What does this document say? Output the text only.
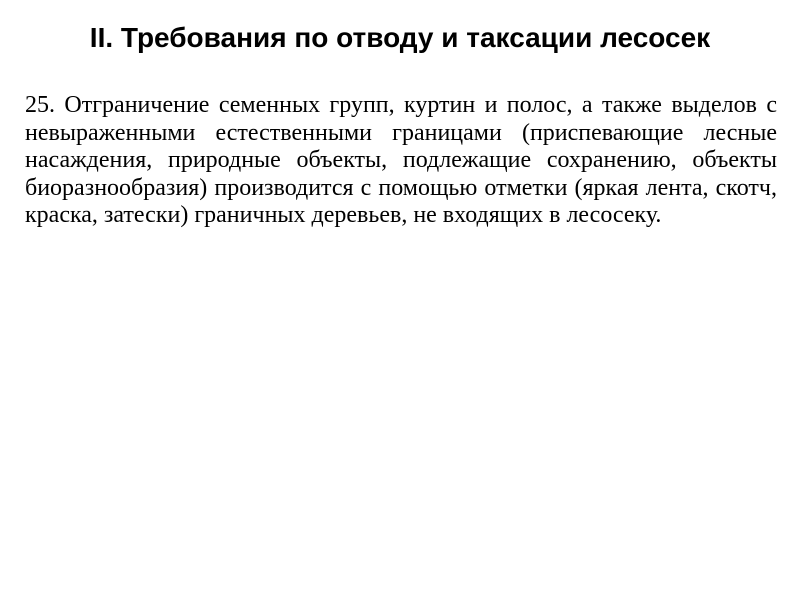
II. Требования по отводу и таксации лесосек

25. Отграничение семенных групп, куртин и полос, а также выделов с невыраженными естественными границами (приспевающие лесные насаждения, природные объекты, подлежащие сохранению, объекты биоразнообразия) производится с помощью отметки (яркая лента, скотч, краска, затески) граничных деревьев, не входящих в лесосеку.
